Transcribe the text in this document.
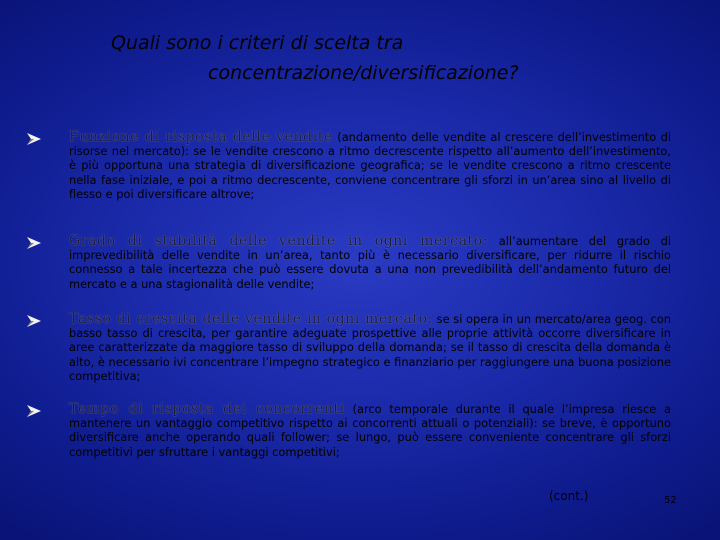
Quali sono i criteri di scelta tra
concentrazione/diversificazione?
Funzione di risposta delle vendite (andamento delle vendite al crescere dell’investimento di risorse nel mercato): se le vendite crescono a ritmo decrescente rispetto all’aumento dell’investimento, è più opportuna una strategia di diversificazione geografica; se le vendite crescono a ritmo crescente nella fase iniziale, e poi a ritmo decrescente, conviene concentrare gli sforzi in un’area sino al livello di flesso e poi diversificare altrove;
Grado di stabilità delle vendite in ogni mercato: all’aumentare del grado di imprevedibilità delle vendite in un’area, tanto più è necessario diversificare, per ridurre il rischio connesso a tale incertezza che può essere dovuta a una non prevedibilità dell’andamento futuro del mercato e a una stagionalità delle vendite;
Tasso di crescita delle vendite in ogni mercato: se si opera in un mercato/area geog. con basso tasso di crescita, per garantire adeguate prospettive alle proprie attività occorre diversificare in aree caratterizzate da maggiore tasso di sviluppo della domanda; se il tasso di crescita della domanda è alto, è necessario ivi concentrare l’impegno strategico e finanziario per raggiungere una buona posizione competitiva;
Tempo di risposta dei concorrenti (arco temporale durante il quale l’impresa riesce a mantenere un vantaggio competitivo rispetto ai concorrenti attuali o potenziali): se breve, è opportuno diversificare anche operando quali follower; se lungo, può essere conveniente concentrare gli sforzi competitivi per sfruttare i vantaggi competitivi;
(cont.)	52
